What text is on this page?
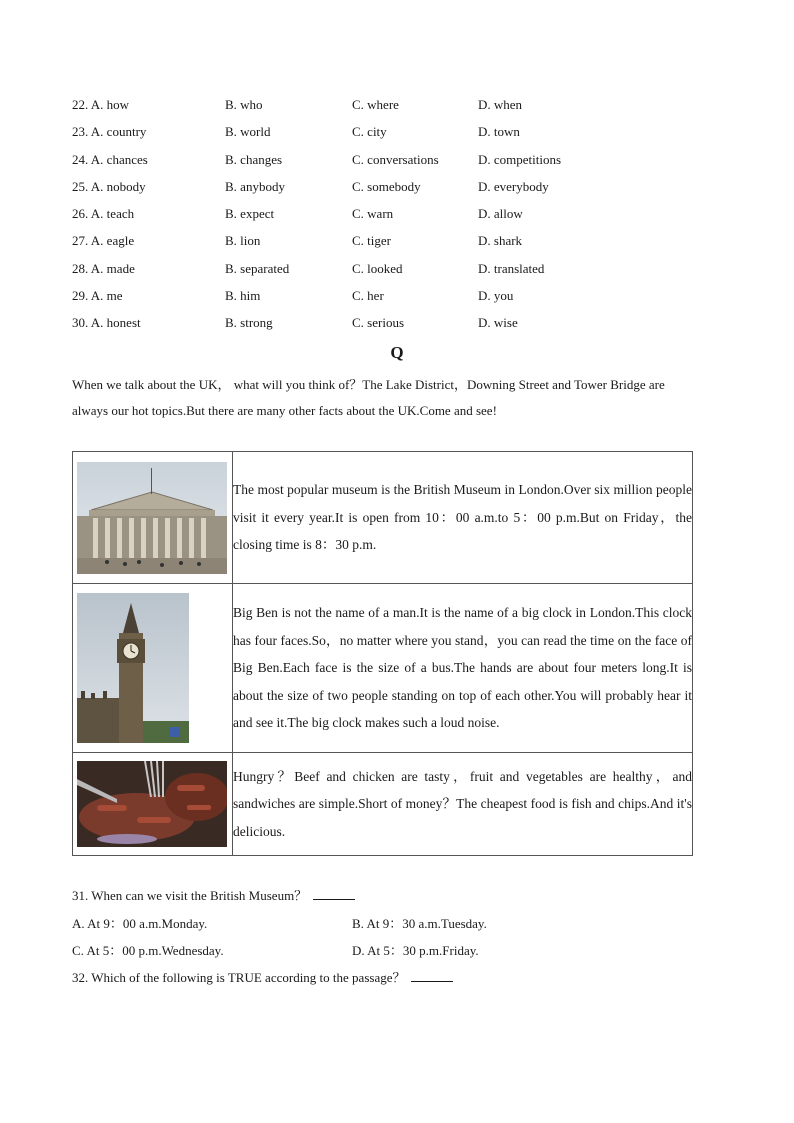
22. A. how	B. who	C. where	D. when
23. A. country	B. world	C. city	D. town
24. A. chances	B. changes	C. conversations	D. competitions
25. A. nobody	B. anybody	C. somebody	D. everybody
26. A. teach	B. expect	C. warn	D. allow
27. A. eagle	B. lion	C. tiger	D. shark
28. A. made	B. separated	C. looked	D. translated
29. A. me	B. him	C. her	D. you
30. A. honest	B. strong	C. serious	D. wise
Q
When we talk about the UK， what will you think of？The Lake District，Downing Street and Tower Bridge are
always our hot topics.But there are many other facts about the UK.Come and see!
	The most popular museum is the British Museum in London.Over six million people visit it every year.It is open from 10：00 a.m.to 5：00 p.m.But on Friday，the closing time is 8：30 p.m.

	Big Ben is not the name of a man.It is the name of a big clock in London.This clock has four faces.So，no matter where you stand，you can read the time on the face of Big Ben.Each face is the size of a bus.The hands are about four meters long.It is about the size of two people standing on top of each other.You will probably hear it and see it.The big clock makes such a loud noise.

	Hungry？Beef and chicken are tasty，fruit and vegetables are healthy，and sandwiches are simple.Short of money？The cheapest food is fish and chips.And it's delicious.
31. When can we visit the British Museum？
A. At 9：00 a.m.Monday.	B. At 9：30 a.m.Tuesday.
C. At 5：00 p.m.Wednesday.	D. At 5：30 p.m.Friday.
32. Which of the following is TRUE according to the passage？
